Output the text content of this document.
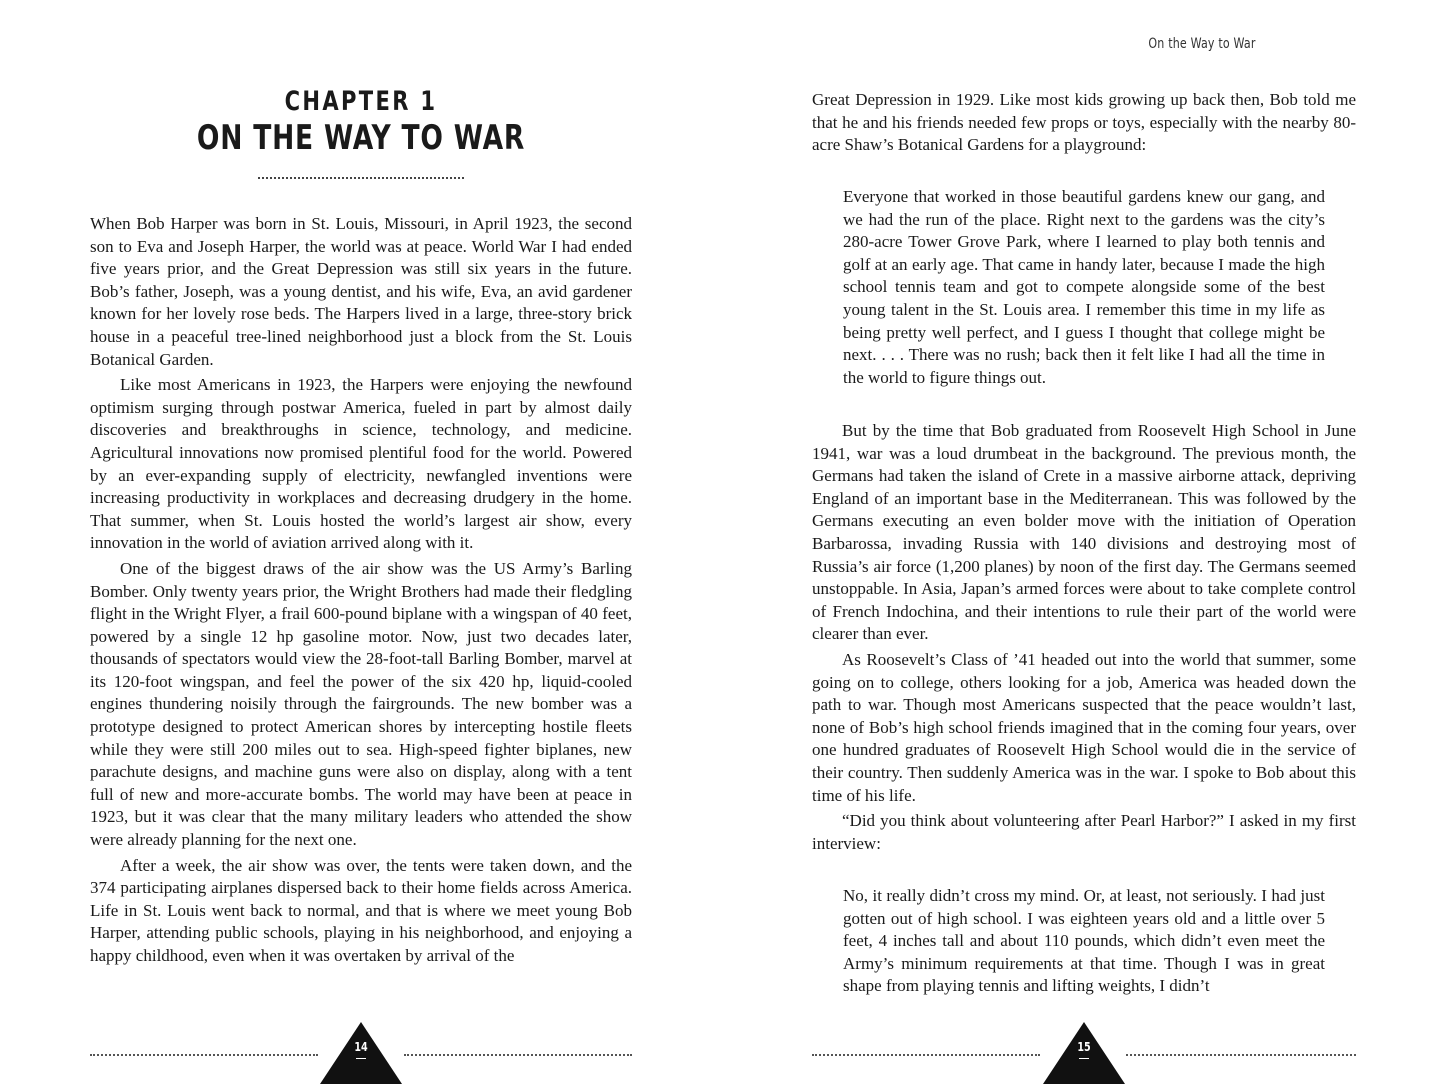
CHAPTER 1
ON THE WAY TO WAR

When Bob Harper was born in St. Louis, Missouri, in April 1923, the second son to Eva and Joseph Harper, the world was at peace. World War I had ended five years prior, and the Great Depression was still six years in the future. Bob’s father, Joseph, was a young dentist, and his wife, Eva, an avid gardener known for her lovely rose beds. The Harpers lived in a large, three-story brick house in a peaceful tree-lined neighborhood just a block from the St. Louis Botanical Garden.

Like most Americans in 1923, the Harpers were enjoying the newfound optimism surging through postwar America, fueled in part by almost daily discoveries and breakthroughs in science, technology, and medicine. Agricultural innovations now promised plentiful food for the world. Powered by an ever-expanding supply of electricity, newfangled inventions were increasing productivity in workplaces and decreasing drudgery in the home. That summer, when St. Louis hosted the world’s largest air show, every innovation in the world of aviation arrived along with it.

One of the biggest draws of the air show was the US Army’s Barling Bomber. Only twenty years prior, the Wright Brothers had made their fledgling flight in the Wright Flyer, a frail 600-pound biplane with a wingspan of 40 feet, powered by a single 12 hp gasoline motor. Now, just two decades later, thousands of spectators would view the 28-foot-tall Barling Bomber, marvel at its 120-foot wingspan, and feel the power of the six 420 hp, liquid-cooled engines thundering noisily through the fairgrounds. The new bomber was a prototype designed to protect American shores by intercepting hostile fleets while they were still 200 miles out to sea. High-speed fighter biplanes, new parachute designs, and machine guns were also on display, along with a tent full of new and more-accurate bombs. The world may have been at peace in 1923, but it was clear that the many military leaders who attended the show were already planning for the next one.

After a week, the air show was over, the tents were taken down, and the 374 participating airplanes dispersed back to their home fields across America. Life in St. Louis went back to normal, and that is where we meet young Bob Harper, attending public schools, playing in his neighborhood, and enjoying a happy childhood, even when it was overtaken by arrival of the

14
On the Way to War

Great Depression in 1929. Like most kids growing up back then, Bob told me that he and his friends needed few props or toys, especially with the nearby 80-acre Shaw’s Botanical Gardens for a playground:

Everyone that worked in those beautiful gardens knew our gang, and we had the run of the place. Right next to the gardens was the city’s 280-acre Tower Grove Park, where I learned to play both tennis and golf at an early age. That came in handy later, because I made the high school tennis team and got to compete alongside some of the best young talent in the St. Louis area. I remember this time in my life as being pretty well perfect, and I guess I thought that college might be next. . . . There was no rush; back then it felt like I had all the time in the world to figure things out.

But by the time that Bob graduated from Roosevelt High School in June 1941, war was a loud drumbeat in the background. The previous month, the Germans had taken the island of Crete in a massive airborne attack, depriving England of an important base in the Mediterranean. This was followed by the Germans executing an even bolder move with the initiation of Operation Barbarossa, invading Russia with 140 divisions and destroying most of Russia’s air force (1,200 planes) by noon of the first day. The Germans seemed unstoppable. In Asia, Japan’s armed forces were about to take complete control of French Indochina, and their intentions to rule their part of the world were clearer than ever.

As Roosevelt’s Class of ’41 headed out into the world that summer, some going on to college, others looking for a job, America was headed down the path to war. Though most Americans suspected that the peace wouldn’t last, none of Bob’s high school friends imagined that in the coming four years, over one hundred graduates of Roosevelt High School would die in the service of their country. Then suddenly America was in the war. I spoke to Bob about this time of his life.

“Did you think about volunteering after Pearl Harbor?” I asked in my first interview:

No, it really didn’t cross my mind. Or, at least, not seriously. I had just gotten out of high school. I was eighteen years old and a little over 5 feet, 4 inches tall and about 110 pounds, which didn’t even meet the Army’s minimum requirements at that time. Though I was in great shape from playing tennis and lifting weights, I didn’t
15
